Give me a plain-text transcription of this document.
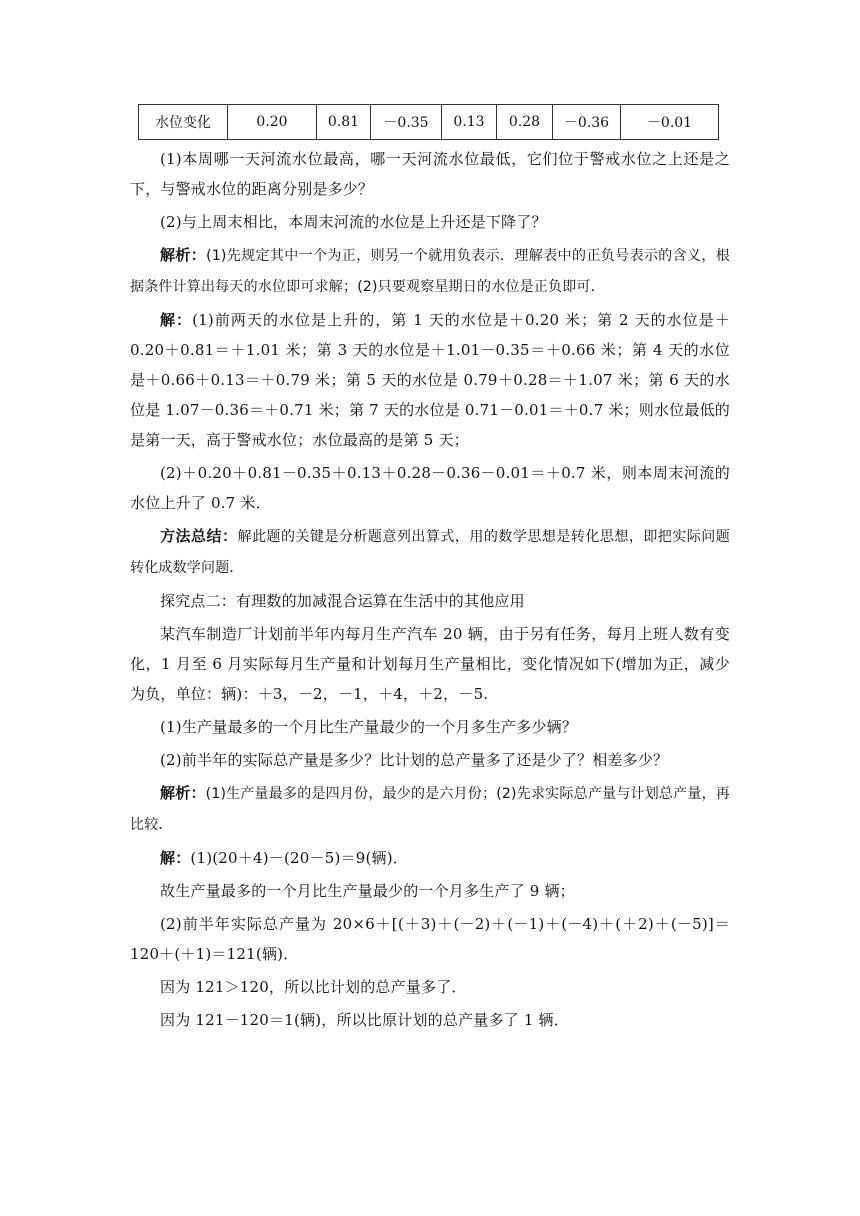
水位变化	0.20	0.81	－0.35	0.13	0.28	－0.36	－0.01

(1)本周哪一天河流水位最高，哪一天河流水位最低，它们位于警戒水位之上还是之下，与警戒水位的距离分别是多少？

(2)与上周末相比，本周末河流的水位是上升还是下降了？

解析：(1)先规定其中一个为正，则另一个就用负表示．理解表中的正负号表示的含义，根据条件计算出每天的水位即可求解；(2)只要观察星期日的水位是正负即可．

解：(1)前两天的水位是上升的，第 1 天的水位是＋0.20 米；第 2 天的水位是＋0.20＋0.81＝＋1.01 米；第 3 天的水位是＋1.01－0.35＝＋0.66 米；第 4 天的水位是＋0.66＋0.13＝＋0.79 米；第 5 天的水位是 0.79＋0.28＝＋1.07 米；第 6 天的水位是 1.07－0.36＝＋0.71 米；第 7 天的水位是 0.71－0.01＝＋0.7 米；则水位最低的是第一天，高于警戒水位；水位最高的是第 5 天；

(2)＋0.20＋0.81－0.35＋0.13＋0.28－0.36－0.01＝＋0.7 米，则本周末河流的水位上升了 0.7 米．

方法总结：解此题的关键是分析题意列出算式，用的数学思想是转化思想，即把实际问题转化成数学问题．

探究点二：有理数的加减混合运算在生活中的其他应用

某汽车制造厂计划前半年内每月生产汽车 20 辆，由于另有任务，每月上班人数有变化，1 月至 6 月实际每月生产量和计划每月生产量相比，变化情况如下(增加为正，减少为负，单位：辆)：＋3，－2，－1，＋4，＋2，－5.

(1)生产量最多的一个月比生产量最少的一个月多生产多少辆？

(2)前半年的实际总产量是多少？比计划的总产量多了还是少了？相差多少？

解析：(1)生产量最多的是四月份，最少的是六月份；(2)先求实际总产量与计划总产量，再比较．

解：(1)(20＋4)－(20－5)＝9(辆)．

故生产量最多的一个月比生产量最少的一个月多生产了 9 辆；

(2)前半年实际总产量为 20×6＋[(＋3)＋(－2)＋(－1)＋(－4)＋(＋2)＋(－5)]＝120＋(＋1)＝121(辆)．

因为 121＞120，所以比计划的总产量多了．

因为 121－120＝1(辆)，所以比原计划的总产量多了 1 辆．
